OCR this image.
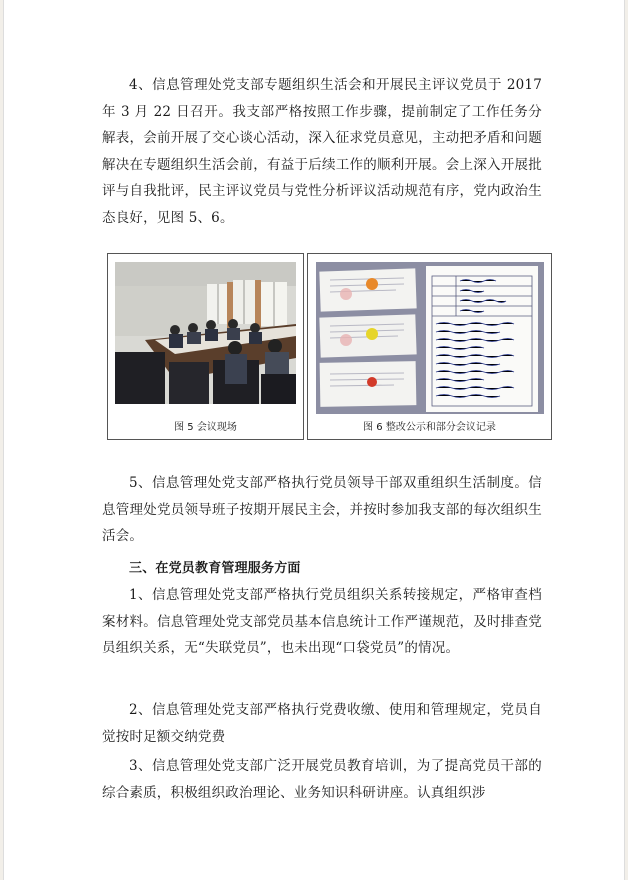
4、信息管理处党支部专题组织生活会和开展民主评议党员于 2017 年 3 月 22 日召开。我支部严格按照工作步骤，提前制定了工作任务分解表，会前开展了交心谈心活动，深入征求党员意见，主动把矛盾和问题解决在专题组织生活会前，有益于后续工作的顺利开展。会上深入开展批评与自我批评，民主评议党员与党性分析评议活动规范有序，党内政治生态良好，见图 5、6。

图 5 会议现场	图 6 整改公示和部分会议记录

5、信息管理处党支部严格执行党员领导干部双重组织生活制度。信息管理处党员领导班子按期开展民主会，并按时参加我支部的每次组织生活会。

三、在党员教育管理服务方面

1、信息管理处党支部严格执行党员组织关系转接规定，严格审查档案材料。信息管理处党支部党员基本信息统计工作严谨规范，及时排查党员组织关系，无“失联党员”，也未出现“口袋党员”的情况。

2、信息管理处党支部严格执行党费收缴、使用和管理规定，党员自觉按时足额交纳党费

3、信息管理处党支部广泛开展党员教育培训，为了提高党员干部的综合素质，积极组织政治理论、业务知识科研讲座。认真组织涉
